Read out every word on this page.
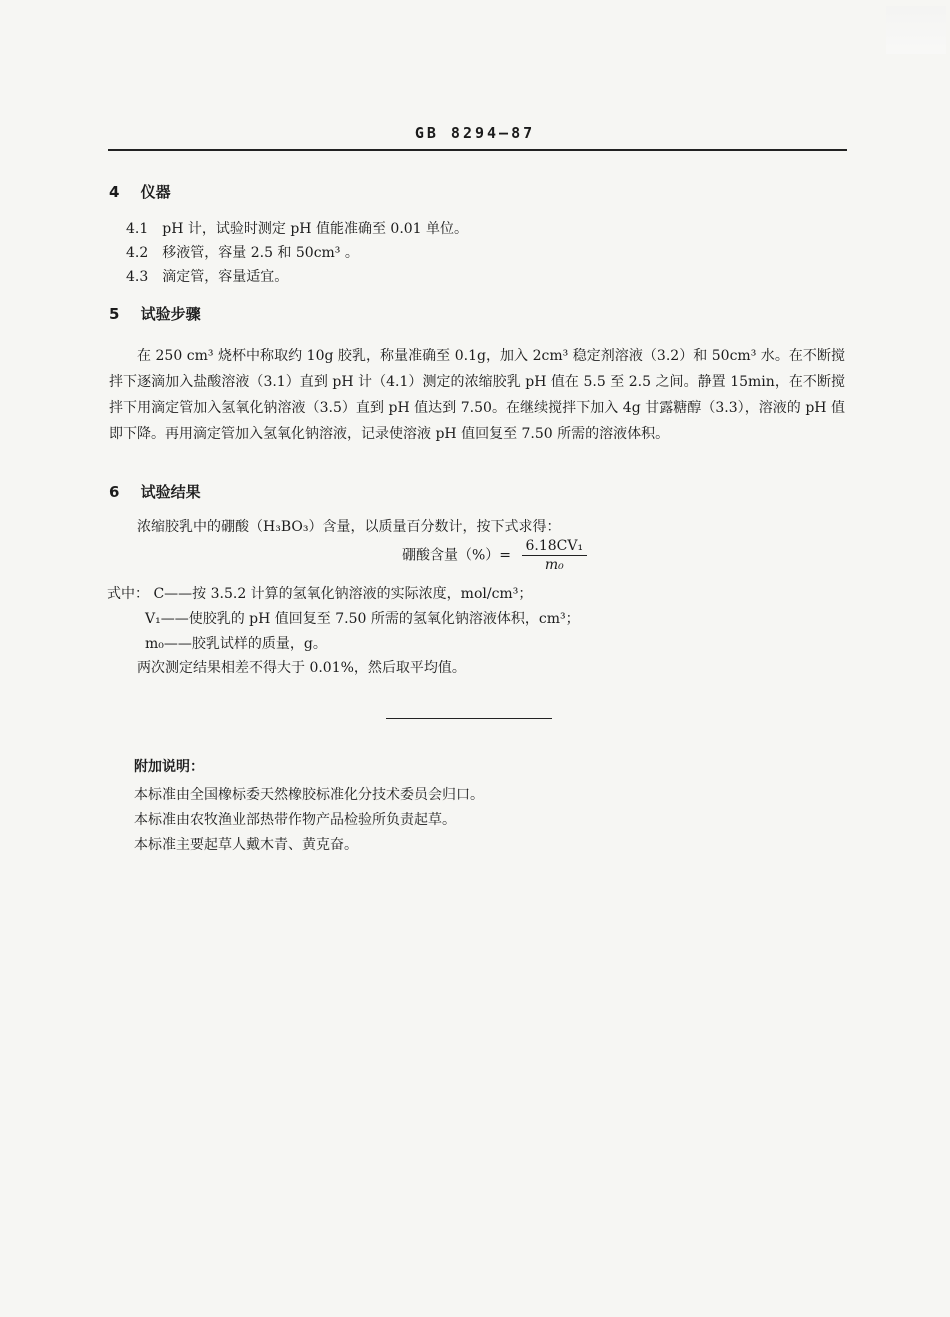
GB 8294—87
4 仪器
4.1　pH 计，试验时测定 pH 值能准确至 0.01 单位。
4.2　移液管，容量 2.5 和 50cm³ 。
4.3　滴定管，容量适宜。
5 试验步骤
在 250 cm³ 烧杯中称取约 10g 胶乳，称量准确至 0.1g，加入 2cm³ 稳定剂溶液（3.2）和 50cm³ 水。在不断搅拌下逐滴加入盐酸溶液（3.1）直到 pH 计（4.1）测定的浓缩胶乳 pH 值在 5.5 至 2.5 之间。静置 15min，在不断搅拌下用滴定管加入氢氧化钠溶液（3.5）直到 pH 值达到 7.50。在继续搅拌下加入 4g 甘露糖醇（3.3），溶液的 pH 值即下降。再用滴定管加入氢氧化钠溶液，记录使溶液 pH 值回复至 7.50 所需的溶液体积。
6 试验结果
浓缩胶乳中的硼酸（H₃BO₃）含量，以质量百分数计，按下式求得：
硼酸含量（%）= $\frac{\text{6.18CV₁}}{\text{m₀}}$
式中： C——按 3.5.2 计算的氢氧化钠溶液的实际浓度，mol/cm³；
V₁——使胶乳的 pH 值回复至 7.50 所需的氢氧化钠溶液体积，cm³；
m₀——胶乳试样的质量，g。
两次测定结果相差不得大于 0.01%，然后取平均值。
附加说明：
本标准由全国橡标委天然橡胶标准化分技术委员会归口。
本标准由农牧渔业部热带作物产品检验所负责起草。
本标准主要起草人戴木青、黄克奋。
